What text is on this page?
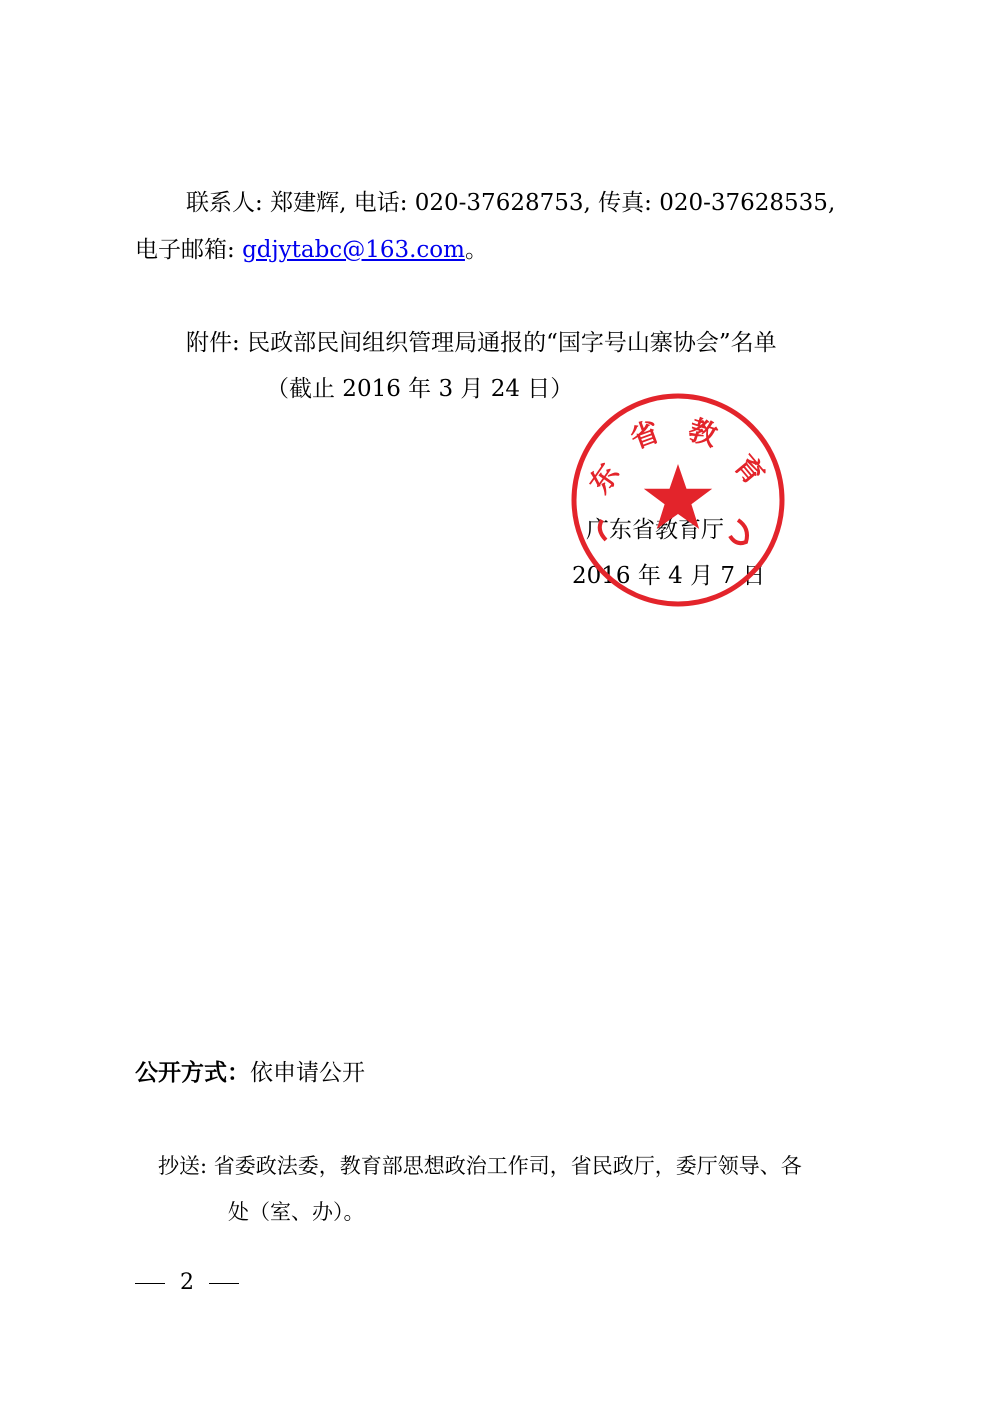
联系人: 郑建辉, 电话: 020-37628753, 传真: 020-37628535,
电子邮箱: gdjytabc@163.com。
附件: 民政部民间组织管理局通报的“国字号山寨协会”名单
（截止 2016 年 3 月 24 日）
广东省教育厅
2016 年 4 月 7 日
东
省 教
育
公开方式：依申请公开
抄送: 省委政法委，教育部思想政治工作司，省民政厅，委厅领导、各
处（室、办）。
2
